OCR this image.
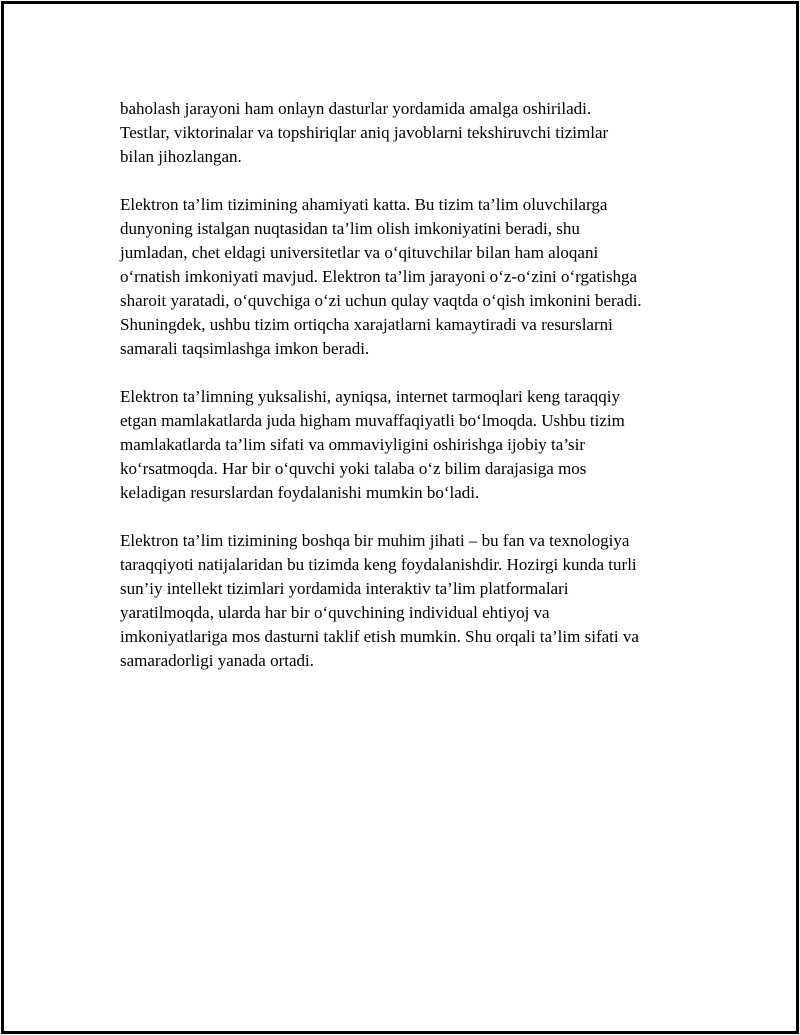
baholash jarayoni ham onlayn dasturlar yordamida amalga oshiriladi.
Testlar, viktorinalar va topshiriqlar aniq javoblarni tekshiruvchi tizimlar
bilan jihozlangan.

Elektron ta’lim tizimining ahamiyati katta. Bu tizim ta’lim oluvchilarga
dunyoning istalgan nuqtasidan ta’lim olish imkoniyatini beradi, shu
jumladan, chet eldagi universitetlar va o‘qituvchilar bilan ham aloqani
o‘rnatish imkoniyati mavjud. Elektron ta’lim jarayoni o‘z-o‘zini o‘rgatishga
sharoit yaratadi, o‘quvchiga o‘zi uchun qulay vaqtda o‘qish imkonini beradi.
Shuningdek, ushbu tizim ortiqcha xarajatlarni kamaytiradi va resurslarni
samarali taqsimlashga imkon beradi.

Elektron ta’limning yuksalishi, ayniqsa, internet tarmoqlari keng taraqqiy
etgan mamlakatlarda juda higham muvaffaqiyatli bo‘lmoqda. Ushbu tizim
mamlakatlarda ta’lim sifati va ommaviyligini oshirishga ijobiy ta’sir
ko‘rsatmoqda. Har bir o‘quvchi yoki talaba o‘z bilim darajasiga mos
keladigan resurslardan foydalanishi mumkin bo‘ladi.

Elektron ta’lim tizimining boshqa bir muhim jihati – bu fan va texnologiya
taraqqiyoti natijalaridan bu tizimda keng foydalanishdir. Hozirgi kunda turli
sun’iy intellekt tizimlari yordamida interaktiv ta’lim platformalari
yaratilmoqda, ularda har bir o‘quvchining individual ehtiyoj va
imkoniyatlariga mos dasturni taklif etish mumkin. Shu orqali ta’lim sifati va
samaradorligi yanada ortadi.
